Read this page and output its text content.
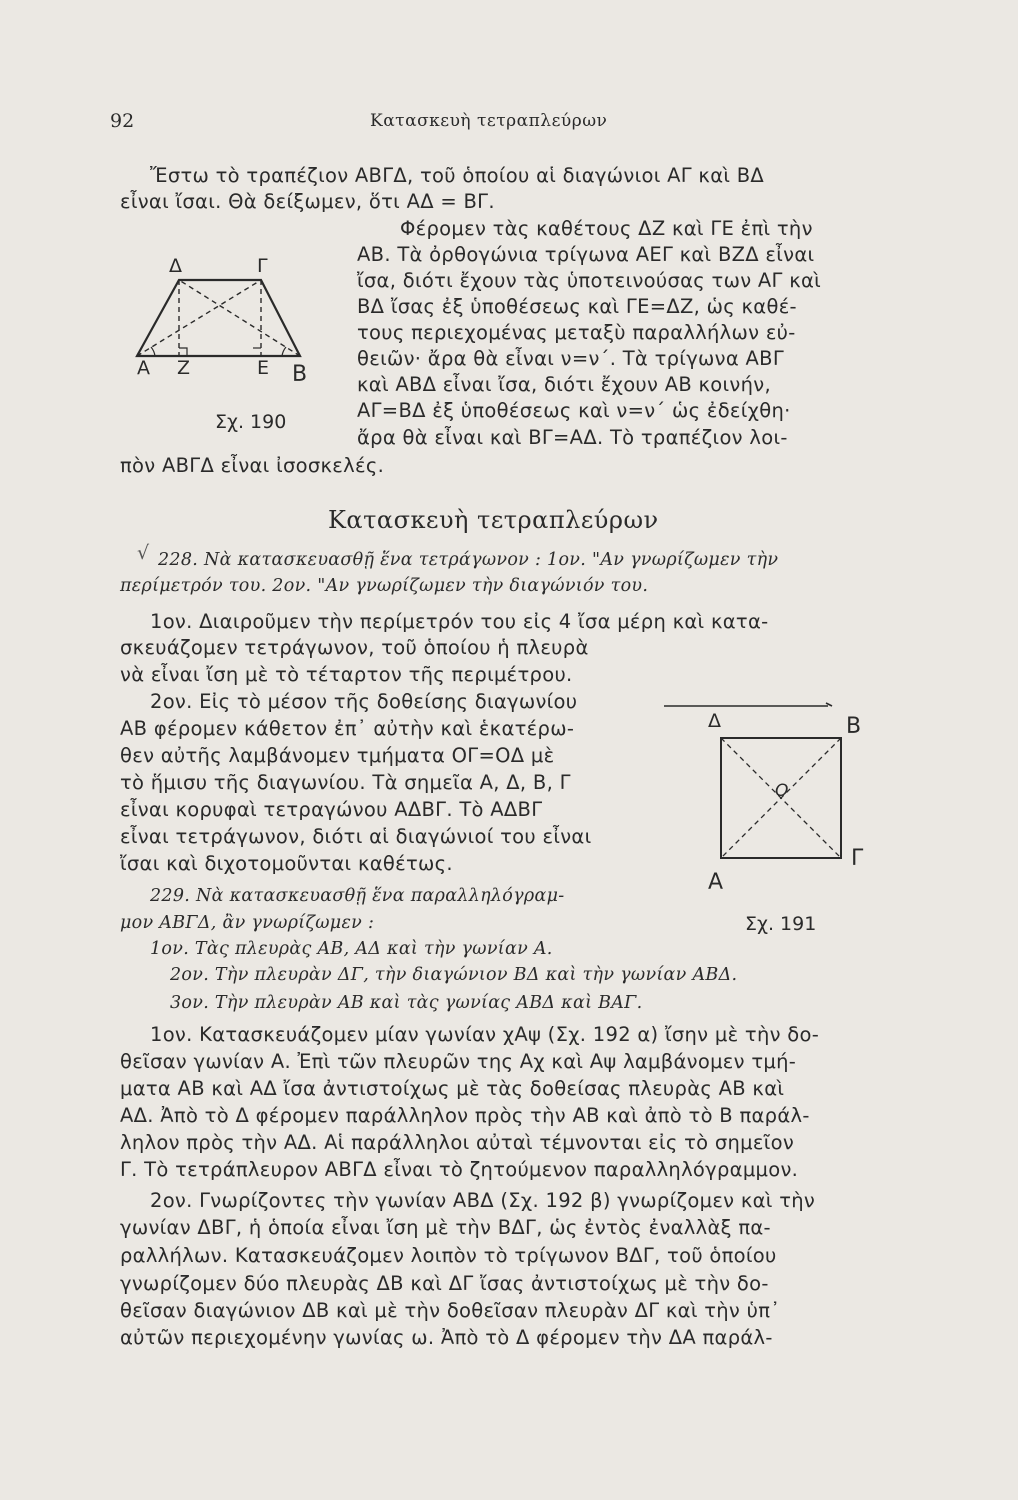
92	Κατασκευὴ τετραπλεύρων
Ἔστω τὸ τραπέζιον ΑΒΓΔ, τοῦ ὁποίου αἱ διαγώνιοι ΑΓ καὶ ΒΔ
εἶναι ἴσαι. Θὰ δείξωμεν, ὅτι ΑΔ = ΒΓ.
Φέρομεν τὰς καθέτους ΔΖ καὶ ΓΕ ἐπὶ τὴν
ΑΒ. Τὰ ὀρθογώνια τρίγωνα ΑΕΓ καὶ ΒΖΔ εἶναι
ἴσα, διότι ἔχουν τὰς ὑποτεινούσας των ΑΓ καὶ
ΒΔ ἴσας ἐξ ὑποθέσεως καὶ ΓΕ=ΔΖ, ὡς καθέ-
τους περιεχομένας μεταξὺ παραλλήλων εὐ-
θειῶν· ἄρα θὰ εἶναι ν=ν΄. Τὰ τρίγωνα ΑΒΓ
καὶ ΑΒΔ εἶναι ἴσα, διότι ἔχουν ΑΒ κοινήν,
ΑΓ=ΒΔ ἐξ ὑποθέσεως καὶ ν=ν΄ ὡς ἐδείχθη·
ἄρα θὰ εἶναι καὶ ΒΓ=ΑΔ. Τὸ τραπέζιον λοι-
πὸν ΑΒΓΔ εἶναι ἰσοσκελές.
Δ	Γ
Α Ζ	Ε Β
Σχ. 190
Κατασκευὴ τετραπλεύρων
√ 228. Νὰ κατασκευασθῇ ἕνα τετράγωνον : 1ον. "Αν γνωρίζωμεν τὴν
περίμετρόν του. 2ον. "Αν γνωρίζωμεν τὴν διαγώνιόν του.
1ον. Διαιροῦμεν τὴν περίμετρόν του εἰς 4 ἴσα μέρη καὶ κατα-
σκευάζομεν τετράγωνον, τοῦ ὁποίου ἡ πλευρὰ
νὰ εἶναι ἴση μὲ τὸ τέταρτον τῆς περιμέτρου.
2ον. Εἰς τὸ μέσον τῆς δοθείσης διαγωνίου
ΑΒ φέρομεν κάθετον ἐπ᾽ αὐτὴν καὶ ἑκατέρω-
θεν αὐτῆς λαμβάνομεν τμήματα ΟΓ=ΟΔ μὲ
τὸ ἥμισυ τῆς διαγωνίου. Τὰ σημεῖα Α, Δ, Β, Γ
εἶναι κορυφαὶ τετραγώνου ΑΔΒΓ. Τὸ ΑΔΒΓ
εἶναι τετράγωνον, διότι αἱ διαγώνιοί του εἶναι
ἴσαι καὶ διχοτομοῦνται καθέτως.
Δ	Β
Ο
Γ
Α
Σχ. 191
229. Νὰ κατασκευασθῇ ἕνα παραλληλόγραμ-
μον ΑΒΓΔ, ἂν γνωρίζωμεν :
1ον. Τὰς πλευρὰς ΑΒ, ΑΔ καὶ τὴν γωνίαν Α.
2ον. Τὴν πλευρὰν ΔΓ, τὴν διαγώνιον ΒΔ καὶ τὴν γωνίαν ΑΒΔ.
3ον. Τὴν πλευρὰν ΑΒ καὶ τὰς γωνίας ΑΒΔ καὶ ΒΑΓ.
1ον. Κατασκευάζομεν μίαν γωνίαν χΑψ (Σχ. 192 α) ἴσην μὲ τὴν δο-
θεῖσαν γωνίαν Α. Ἐπὶ τῶν πλευρῶν της Αχ καὶ Αψ λαμβάνομεν τμή-
ματα ΑΒ καὶ ΑΔ ἴσα ἀντιστοίχως μὲ τὰς δοθείσας πλευρὰς ΑΒ καὶ
ΑΔ. Ἀπὸ τὸ Δ φέρομεν παράλληλον πρὸς τὴν ΑΒ καὶ ἀπὸ τὸ Β παράλ-
ληλον πρὸς τὴν ΑΔ. Αἱ παράλληλοι αὐταὶ τέμνονται εἰς τὸ σημεῖον
Γ. Τὸ τετράπλευρον ΑΒΓΔ εἶναι τὸ ζητούμενον παραλληλόγραμμον.
2ον. Γνωρίζοντες τὴν γωνίαν ΑΒΔ (Σχ. 192 β) γνωρίζομεν καὶ τὴν
γωνίαν ΔΒΓ, ἡ ὁποία εἶναι ἴση μὲ τὴν ΒΔΓ, ὡς ἐντὸς ἐναλλὰξ πα-
ραλλήλων. Κατασκευάζομεν λοιπὸν τὸ τρίγωνον ΒΔΓ, τοῦ ὁποίου
γνωρίζομεν δύο πλευρὰς ΔΒ καὶ ΔΓ ἴσας ἀντιστοίχως μὲ τὴν δο-
θεῖσαν διαγώνιον ΔΒ καὶ μὲ τὴν δοθεῖσαν πλευρὰν ΔΓ καὶ τὴν ὑπ᾽
αὐτῶν περιεχομένην γωνίας ω. Ἀπὸ τὸ Δ φέρομεν τὴν ΔΑ παράλ-
